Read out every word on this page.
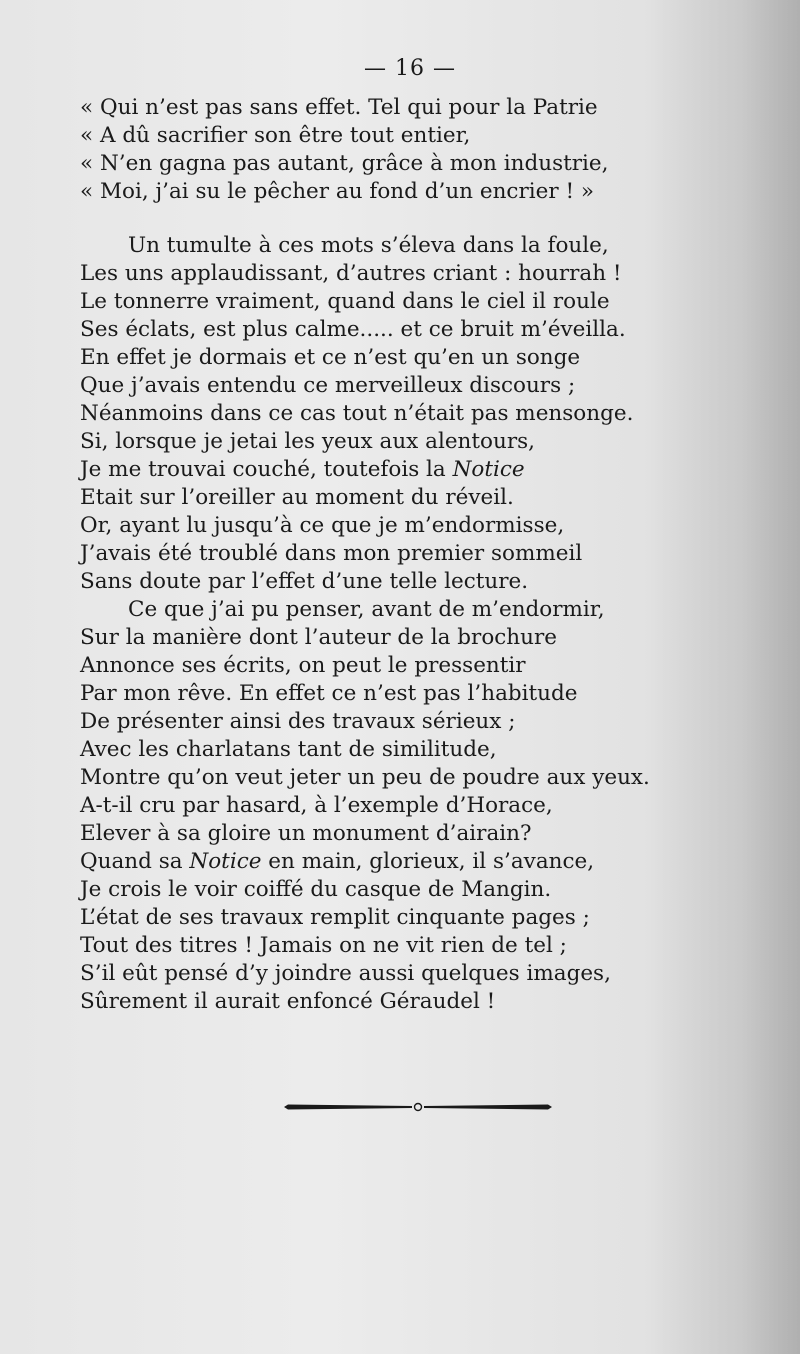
— 16 —
« Qui n’est pas sans effet. Tel qui pour la Patrie
« A dû sacrifier son être tout entier,
« N’en gagna pas autant, grâce à mon industrie,
« Moi, j’ai su le pêcher au fond d’un encrier ! »
Un tumulte à ces mots s’éleva dans la foule,
Les uns applaudissant, d’autres criant : hourrah !
Le tonnerre vraiment, quand dans le ciel il roule
Ses éclats, est plus calme..... et ce bruit m’éveilla.
En effet je dormais et ce n’est qu’en un songe
Que j’avais entendu ce merveilleux discours ;
Néanmoins dans ce cas tout n’était pas mensonge.
Si, lorsque je jetai les yeux aux alentours,
Je me trouvai couché, toutefois la Notice
Etait sur l’oreiller au moment du réveil.
Or, ayant lu jusqu’à ce que je m’endormisse,
J’avais été troublé dans mon premier sommeil
Sans doute par l’effet d’une telle lecture.
Ce que j’ai pu penser, avant de m’endormir,
Sur la manière dont l’auteur de la brochure
Annonce ses écrits, on peut le pressentir
Par mon rêve. En effet ce n’est pas l’habitude
De présenter ainsi des travaux sérieux ;
Avec les charlatans tant de similitude,
Montre qu’on veut jeter un peu de poudre aux yeux.
A-t-il cru par hasard, à l’exemple d’Horace,
Elever à sa gloire un monument d’airain?
Quand sa Notice en main, glorieux, il s’avance,
Je crois le voir coiffé du casque de Mangin.
L’état de ses travaux remplit cinquante pages ;
Tout des titres ! Jamais on ne vit rien de tel ;
S’il eût pensé d’y joindre aussi quelques images,
Sûrement il aurait enfoncé Géraudel !
